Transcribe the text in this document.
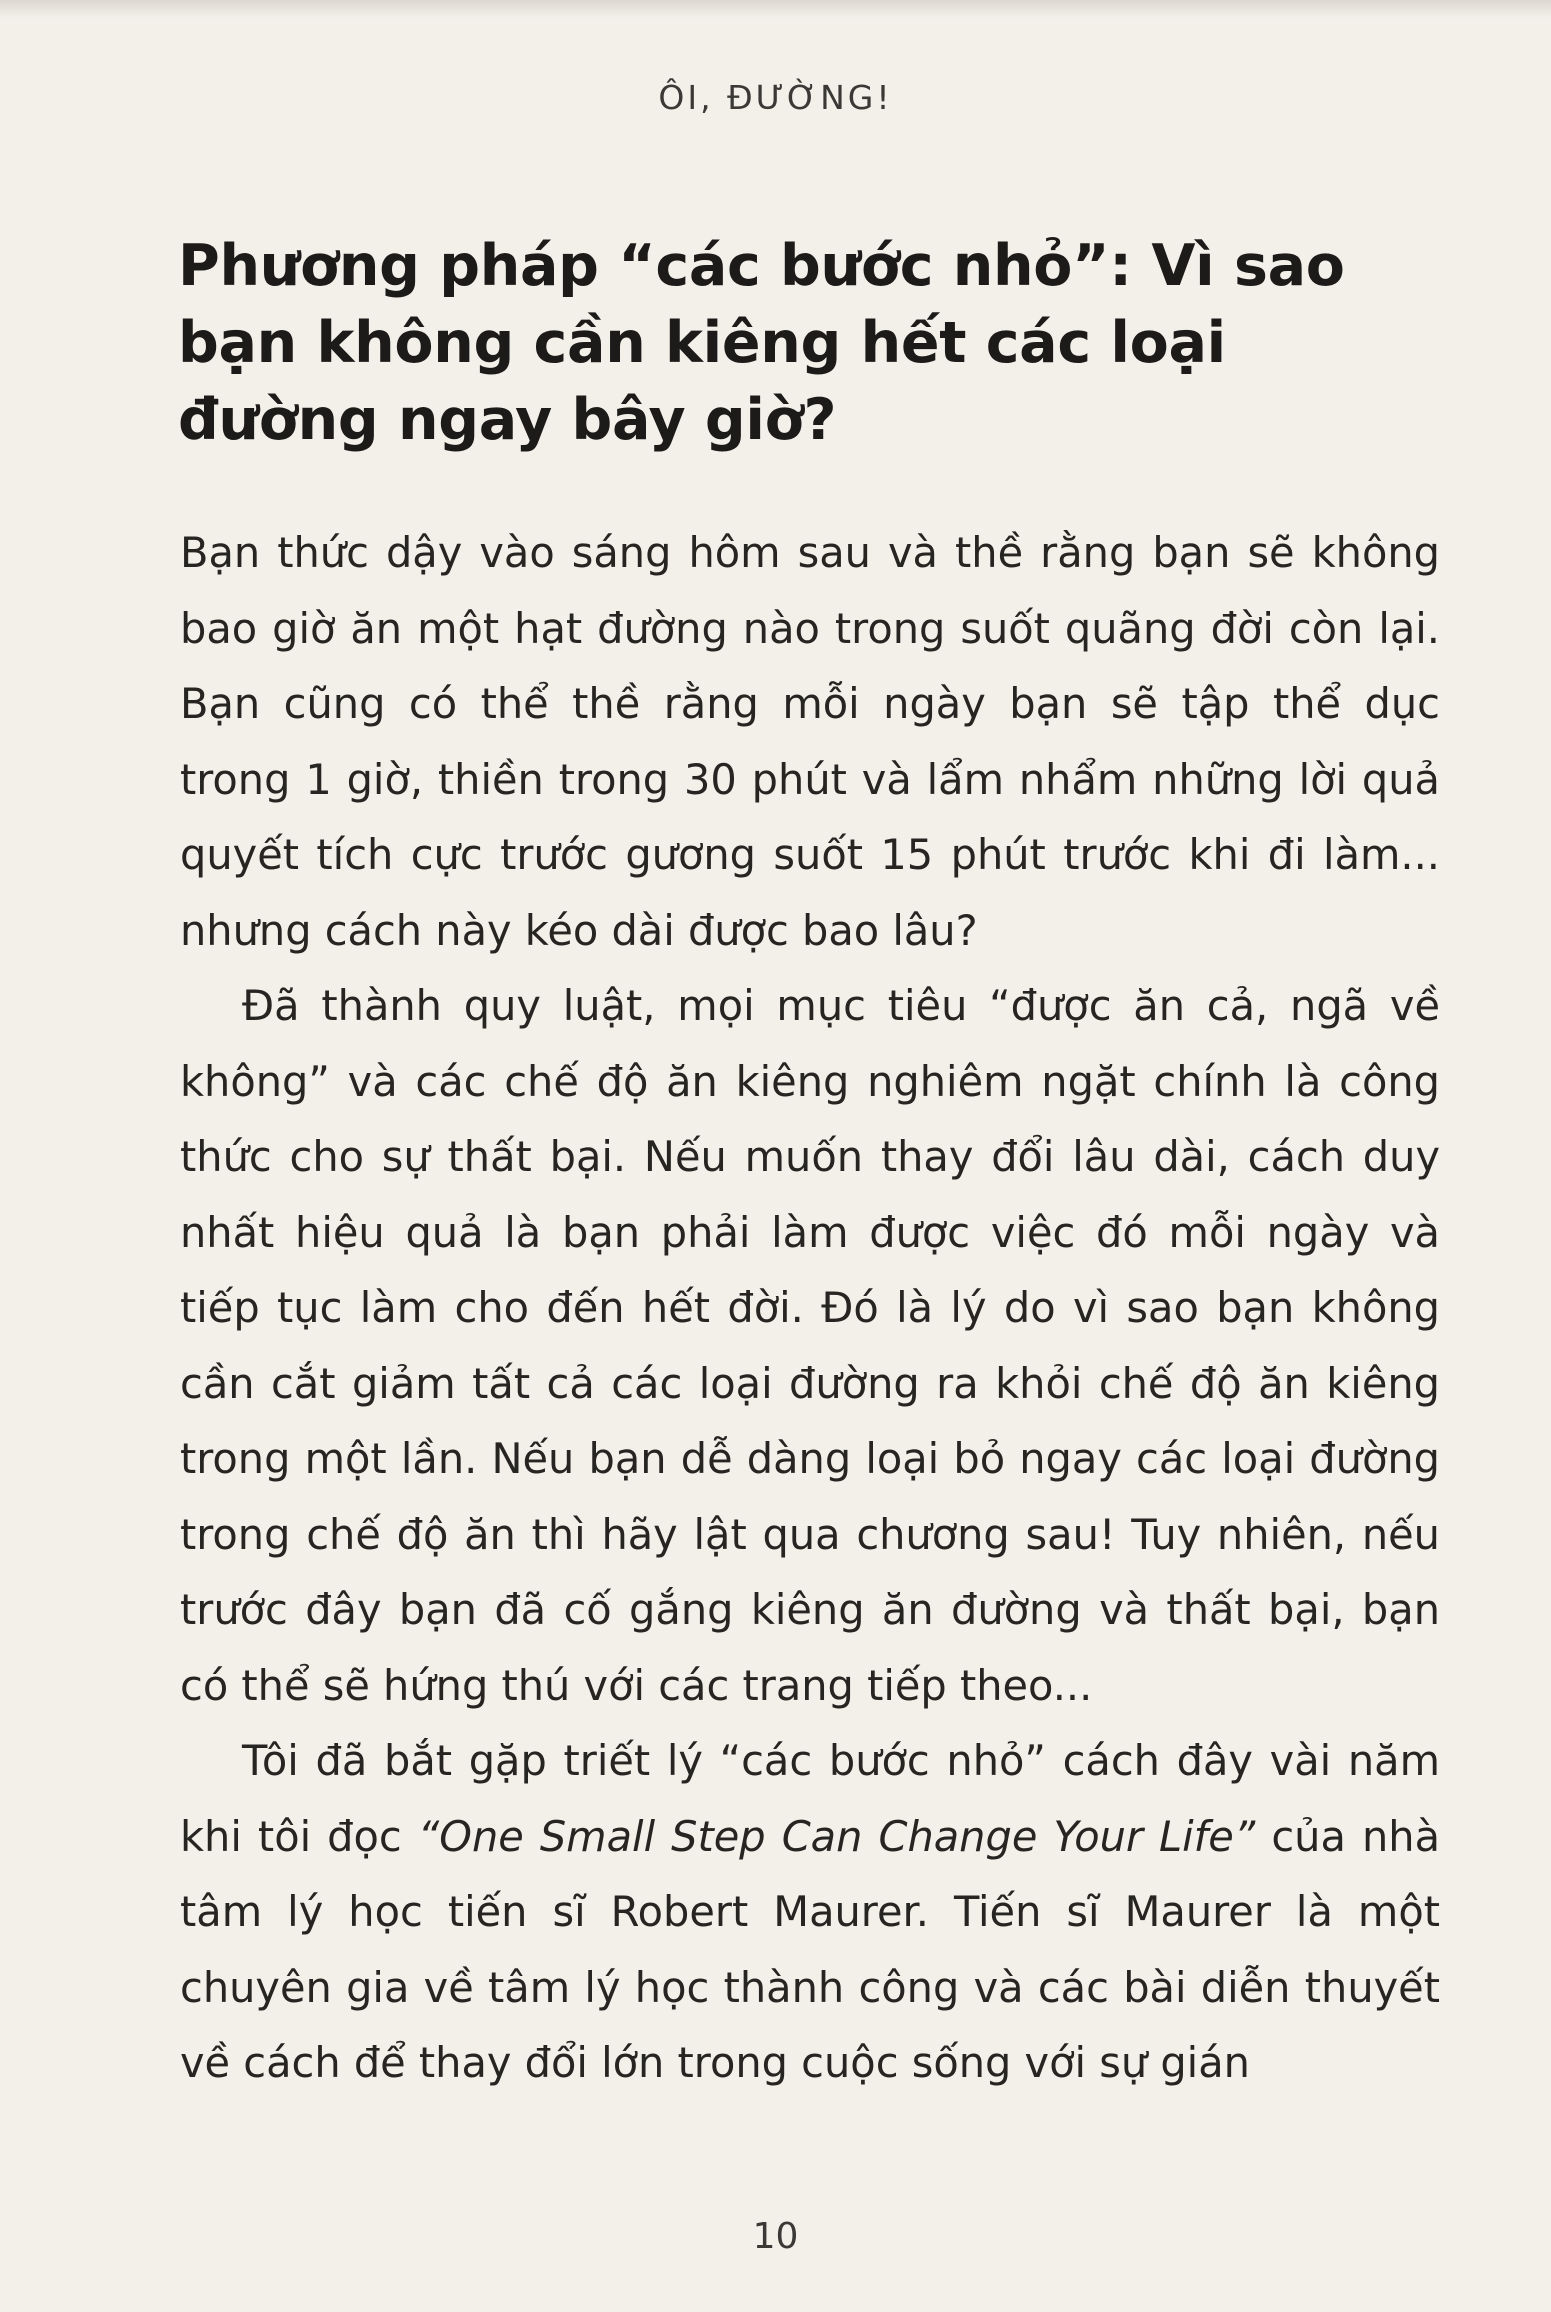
ÔI, ĐƯỜNG!
Phương pháp “các bước nhỏ”: Vì sao bạn không cần kiêng hết các loại đường ngay bây giờ?

Bạn thức dậy vào sáng hôm sau và thề rằng bạn sẽ không bao giờ ăn một hạt đường nào trong suốt quãng đời còn lại. Bạn cũng có thể thề rằng mỗi ngày bạn sẽ tập thể dục trong 1 giờ, thiền trong 30 phút và lẩm nhẩm những lời quả quyết tích cực trước gương suốt 15 phút trước khi đi làm... nhưng cách này kéo dài được bao lâu?

Đã thành quy luật, mọi mục tiêu “được ăn cả, ngã về không” và các chế độ ăn kiêng nghiêm ngặt chính là công thức cho sự thất bại. Nếu muốn thay đổi lâu dài, cách duy nhất hiệu quả là bạn phải làm được việc đó mỗi ngày và tiếp tục làm cho đến hết đời. Đó là lý do vì sao bạn không cần cắt giảm tất cả các loại đường ra khỏi chế độ ăn kiêng trong một lần. Nếu bạn dễ dàng loại bỏ ngay các loại đường trong chế độ ăn thì hãy lật qua chương sau! Tuy nhiên, nếu trước đây bạn đã cố gắng kiêng ăn đường và thất bại, bạn có thể sẽ hứng thú với các trang tiếp theo...

Tôi đã bắt gặp triết lý “các bước nhỏ” cách đây vài năm khi tôi đọc “One Small Step Can Change Your Life” của nhà tâm lý học tiến sĩ Robert Maurer. Tiến sĩ Maurer là một chuyên gia về tâm lý học thành công và các bài diễn thuyết về cách để thay đổi lớn trong cuộc sống với sự gián

10
